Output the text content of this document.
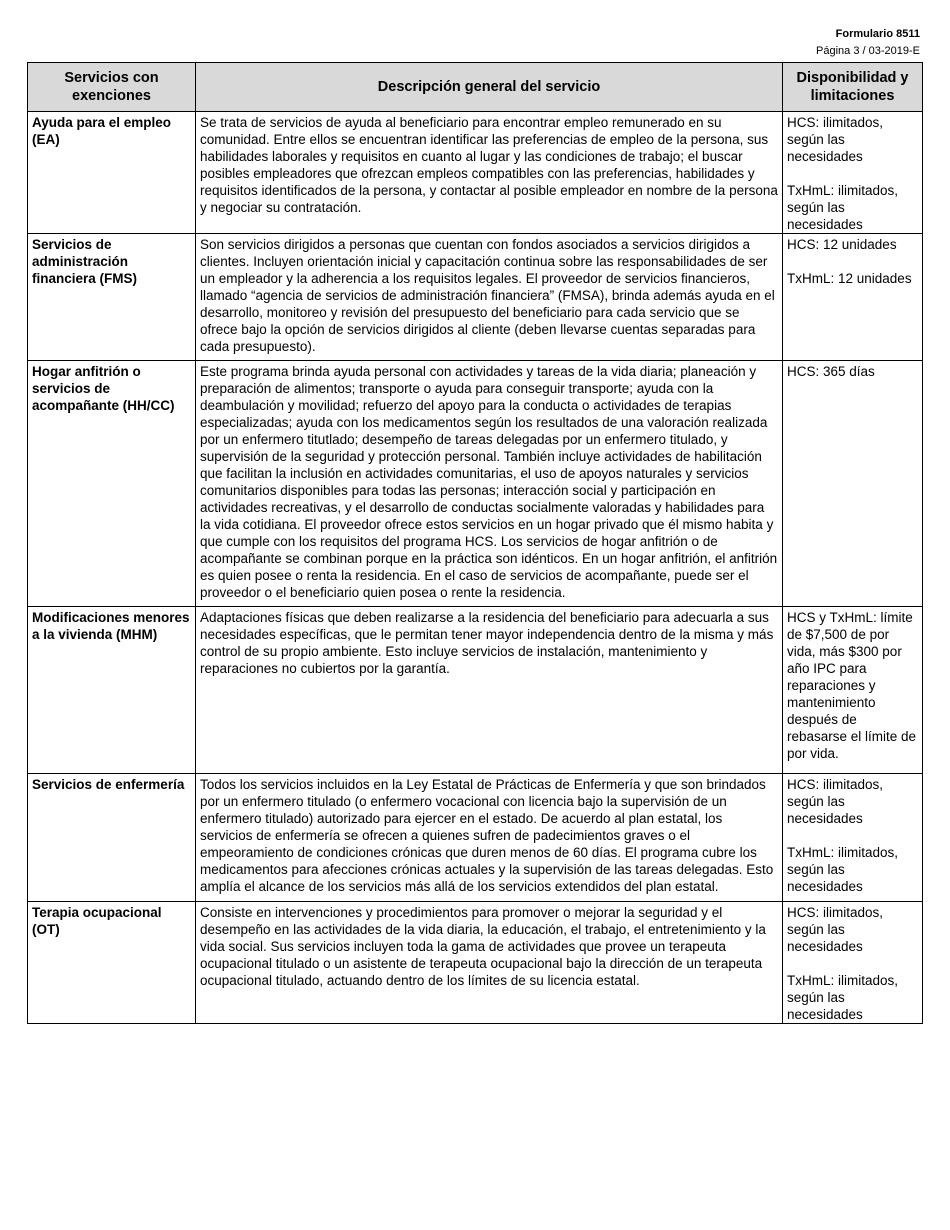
Formulario 8511
Página 3 / 03-2019-E
Servicios con exenciones	Descripción general del servicio	Disponibilidad y limitaciones
Ayuda para el empleo (EA)	Se trata de servicios de ayuda al beneficiario para encontrar empleo remunerado en su comunidad. Entre ellos se encuentran identificar las preferencias de empleo de la persona, sus habilidades laborales y requisitos en cuanto al lugar y las condiciones de trabajo; el buscar posibles empleadores que ofrezcan empleos compatibles con las preferencias, habilidades y requisitos identificados de la persona, y contactar al posible empleador en nombre de la persona y negociar su contratación.	HCS: ilimitados, según las necesidades
TxHmL: ilimitados, según las necesidades

Servicios de administración financiera (FMS)	Son servicios dirigidos a personas que cuentan con fondos asociados a servicios dirigidos a clientes. Incluyen orientación inicial y capacitación continua sobre las responsabilidades de ser un empleador y la adherencia a los requisitos legales. El proveedor de servicios financieros, llamado “agencia de servicios de administración financiera” (FMSA), brinda además ayuda en el desarrollo, monitoreo y revisión del presupuesto del beneficiario para cada servicio que se ofrece bajo la opción de servicios dirigidos al cliente (deben llevarse cuentas separadas para cada presupuesto).	HCS: 12 unidades
TxHmL: 12 unidades

Hogar anfitrión o servicios de acompañante (HH/CC)	Este programa brinda ayuda personal con actividades y tareas de la vida diaria; planeación y preparación de alimentos; transporte o ayuda para conseguir transporte; ayuda con la deambulación y movilidad; refuerzo del apoyo para la conducta o actividades de terapias especializadas; ayuda con los medicamentos según los resultados de una valoración realizada por un enfermero titutlado; desempeño de tareas delegadas por un enfermero titulado, y supervisión de la seguridad y protección personal. También incluye actividades de habilitación que facilitan la inclusión en actividades comunitarias, el uso de apoyos naturales y servicios comunitarios disponibles para todas las personas; interacción social y participación en actividades recreativas, y el desarrollo de conductas socialmente valoradas y habilidades para la vida cotidiana. El proveedor ofrece estos servicios en un hogar privado que él mismo habita y que cumple con los requisitos del programa HCS. Los servicios de hogar anfitrión o de acompañante se combinan porque en la práctica son idénticos. En un hogar anfitrión, el anfitrión es quien posee o renta la residencia. En el caso de servicios de acompañante, puede ser el proveedor o el beneficiario quien posea o rente la residencia.	HCS: 365 días

Modificaciones menores a la vivienda (MHM)	Adaptaciones físicas que deben realizarse a la residencia del beneficiario para adecuarla a sus necesidades específicas, que le permitan tener mayor independencia dentro de la misma y más control de su propio ambiente. Esto incluye servicios de instalación, mantenimiento y reparaciones no cubiertos por la garantía.	HCS y TxHmL: límite de $7,500 de por vida, más $300 por año IPC para reparaciones y mantenimiento después de rebasarse el límite de por vida.

Servicios de enfermería	Todos los servicios incluidos en la Ley Estatal de Prácticas de Enfermería y que son brindados por un enfermero titulado (o enfermero vocacional con licencia bajo la supervisión de un enfermero titulado) autorizado para ejercer en el estado. De acuerdo al plan estatal, los servicios de enfermería se ofrecen a quienes sufren de padecimientos graves o el empeoramiento de condiciones crónicas que duren menos de 60 días. El programa cubre los medicamentos para afecciones crónicas actuales y la supervisión de las tareas delegadas. Esto amplía el alcance de los servicios más allá de los servicios extendidos del plan estatal.	HCS: ilimitados, según las necesidades
TxHmL: ilimitados, según las necesidades

Terapia ocupacional (OT)	Consiste en intervenciones y procedimientos para promover o mejorar la seguridad y el desempeño en las actividades de la vida diaria, la educación, el trabajo, el entretenimiento y la vida social. Sus servicios incluyen toda la gama de actividades que provee un terapeuta ocupacional titulado o un asistente de terapeuta ocupacional bajo la dirección de un terapeuta ocupacional titulado, actuando dentro de los límites de su licencia estatal.	HCS: ilimitados, según las necesidades
TxHmL: ilimitados, según las necesidades
